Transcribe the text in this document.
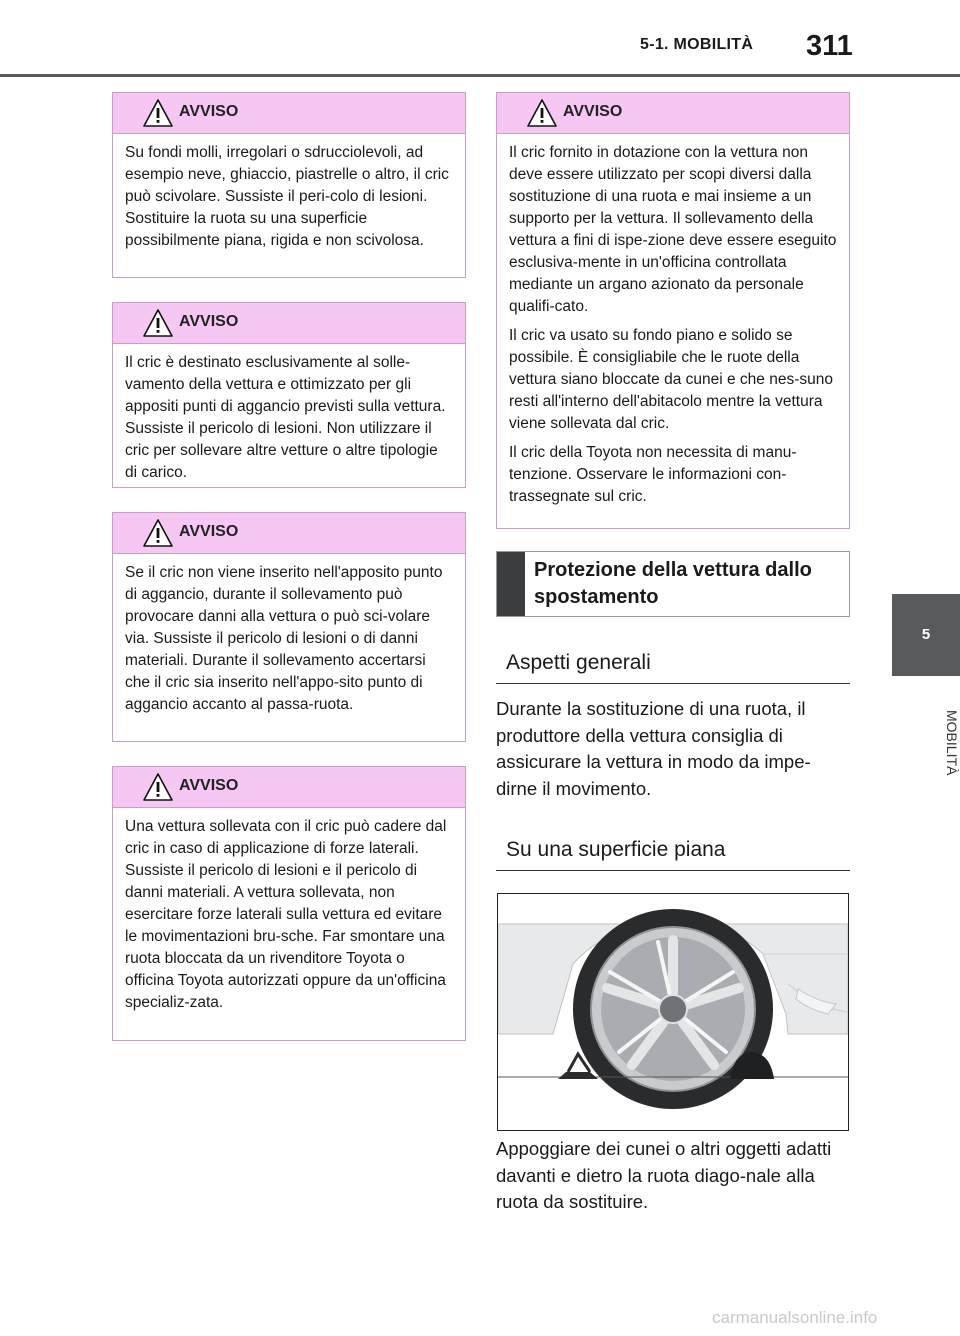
5-1. MOBILITÀ 311
5
MOBILITÀ
AVVISO

Su fondi molli, irregolari o sdrucciolevoli, ad esempio neve, ghiaccio, piastrelle o altro, il cric può scivolare. Sussiste il peri-colo di lesioni. Sostituire la ruota su una superficie possibilmente piana, rigida e non scivolosa.

AVVISO

Il cric è destinato esclusivamente al solle-vamento della vettura e ottimizzato per gli appositi punti di aggancio previsti sulla vettura. Sussiste il pericolo di lesioni. Non utilizzare il cric per sollevare altre vetture o altre tipologie di carico.

AVVISO

Se il cric non viene inserito nell'apposito punto di aggancio, durante il sollevamento può provocare danni alla vettura o può sci-volare via. Sussiste il pericolo di lesioni o di danni materiali. Durante il sollevamento accertarsi che il cric sia inserito nell'appo-sito punto di aggancio accanto al passa-ruota.

AVVISO

Una vettura sollevata con il cric può cadere dal cric in caso di applicazione di forze laterali. Sussiste il pericolo di lesioni e il pericolo di danni materiali. A vettura sollevata, non esercitare forze laterali sulla vettura ed evitare le movimentazioni bru-sche. Far smontare una ruota bloccata da un rivenditore Toyota o officina Toyota autorizzati oppure da un'officina specializ-zata.

AVVISO

Il cric fornito in dotazione con la vettura non deve essere utilizzato per scopi diversi dalla sostituzione di una ruota e mai insieme a un supporto per la vettura. Il sollevamento della vettura a fini di ispe-zione deve essere eseguito esclusiva-mente in un'officina controllata mediante un argano azionato da personale qualifi-cato.

Il cric va usato su fondo piano e solido se possibile. È consigliabile che le ruote della vettura siano bloccate da cunei e che nes-suno resti all'interno dell'abitacolo mentre la vettura viene sollevata dal cric.

Il cric della Toyota non necessita di manu-tenzione. Osservare le informazioni con-trassegnate sul cric.

Protezione della vettura dallo spostamento
Aspetti generali
Durante la sostituzione di una ruota, il produttore della vettura consiglia di assicurare la vettura in modo da impe-dirne il movimento.
Su una superficie piana
Appoggiare dei cunei o altri oggetti adatti davanti e dietro la ruota diago-nale alla ruota da sostituire.
carmanualsonline.info
